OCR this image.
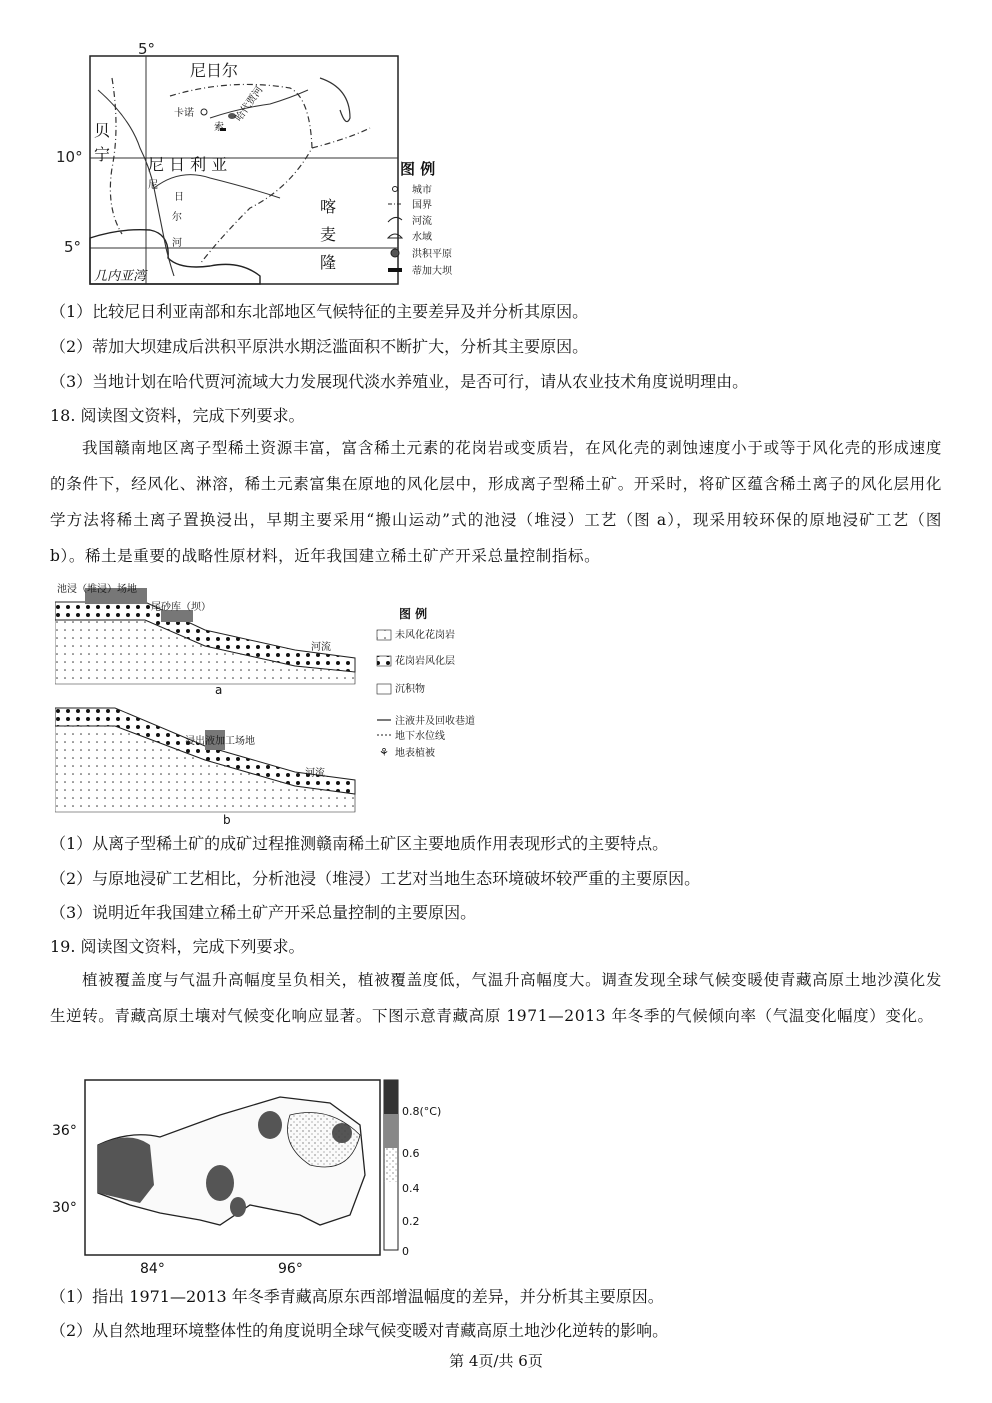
5°
10°
5°
尼日尔
贝
宁
尼 日 利 亚
卡诺
索
哈代贾河
尼
日
尔
河
喀
麦
隆
几内亚湾
图 例
城市
国界
河流
水域
洪积平原
蒂加大坝
（1）比较尼日利亚南部和东北部地区气候特征的主要差异及并分析其原因。
（2）蒂加大坝建成后洪积平原洪水期泛滥面积不断扩大，分析其主要原因。
（3）当地计划在哈代贾河流域大力发展现代淡水养殖业，是否可行，请从农业技术角度说明理由。
18. 阅读图文资料，完成下列要求。
我国赣南地区离子型稀土资源丰富，富含稀土元素的花岗岩或变质岩，在风化壳的剥蚀速度小于或等于风化壳的形成速度的条件下，经风化、淋溶，稀土元素富集在原地的风化层中，形成离子型稀土矿。开采时，将矿区蕴含稀土离子的风化层用化学方法将稀土离子置换浸出，早期主要采用“搬山运动”式的池浸（堆浸）工艺（图 a），现采用较环保的原地浸矿工艺（图 b）。稀土是重要的战略性原材料，近年我国建立稀土矿产开采总量控制指标。
池浸（堆浸）场地
尾砂库（坝）
河流
a
浸出液加工场地
河流
b
图 例
未风化花岗岩
花岗岩风化层
沉积物
注液井及回收巷道
地下水位线
⚘ 地表植被
（1）从离子型稀土矿的成矿过程推测赣南稀土矿区主要地质作用表现形式的主要特点。
（2）与原地浸矿工艺相比，分析池浸（堆浸）工艺对当地生态环境破坏较严重的主要原因。
（3）说明近年我国建立稀土矿产开采总量控制的主要原因。
19. 阅读图文资料，完成下列要求。
植被覆盖度与气温升高幅度呈负相关，植被覆盖度低，气温升高幅度大。调查发现全球气候变暖使青藏高原土地沙漠化发生逆转。青藏高原土壤对气候变化响应显著。下图示意青藏高原 1971—2013 年冬季的气候倾向率（气温变化幅度）变化。
36°
30°
84°	96°
0.8(°C)
0.6
0.4
0.2
0
（1）指出 1971—2013 年冬季青藏高原东西部增温幅度的差异，并分析其主要原因。
（2）从自然地理环境整体性的角度说明全球气候变暖对青藏高原土地沙化逆转的影响。
第 4页/共 6页
